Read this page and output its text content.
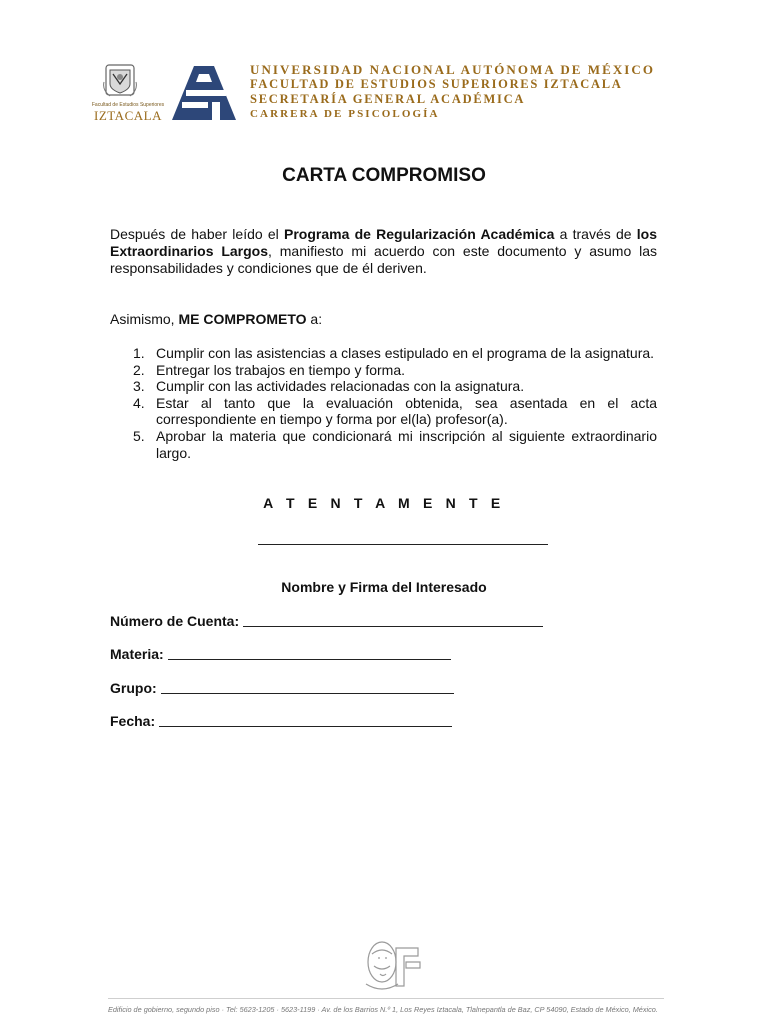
Facultad de Estudios Superiores
IZTACALA
UNIVERSIDAD NACIONAL AUTÓNOMA DE MÉXICO
FACULTAD DE ESTUDIOS SUPERIORES IZTACALA
SECRETARÍA GENERAL ACADÉMICA
CARRERA DE PSICOLOGÍA
CARTA COMPROMISO
Después de haber leído el Programa de Regularización Académica a través de los Extraordinarios Largos, manifiesto mi acuerdo con este documento y asumo las responsabilidades y condiciones que de él deriven.
Asimismo, ME COMPROMETO a:
1. Cumplir con las asistencias a clases estipulado en el programa de la asignatura.
2. Entregar los trabajos en tiempo y forma.
3. Cumplir con las actividades relacionadas con la asignatura.
4. Estar al tanto que la evaluación obtenida, sea asentada en el acta correspondiente en tiempo y forma por el(la) profesor(a).
5. Aprobar la materia que condicionará mi inscripción al siguiente extraordinario largo.
A T E N T A M E N T E
Nombre y Firma del Interesado
Número de Cuenta:
Materia:
Grupo:
Fecha:
Edificio de gobierno, segundo piso · Tel: 5623-1205 · 5623-1199 · Av. de los Barrios N.º 1, Los Reyes Iztacala, Tlalnepantla de Baz, CP 54090, Estado de México, México.
